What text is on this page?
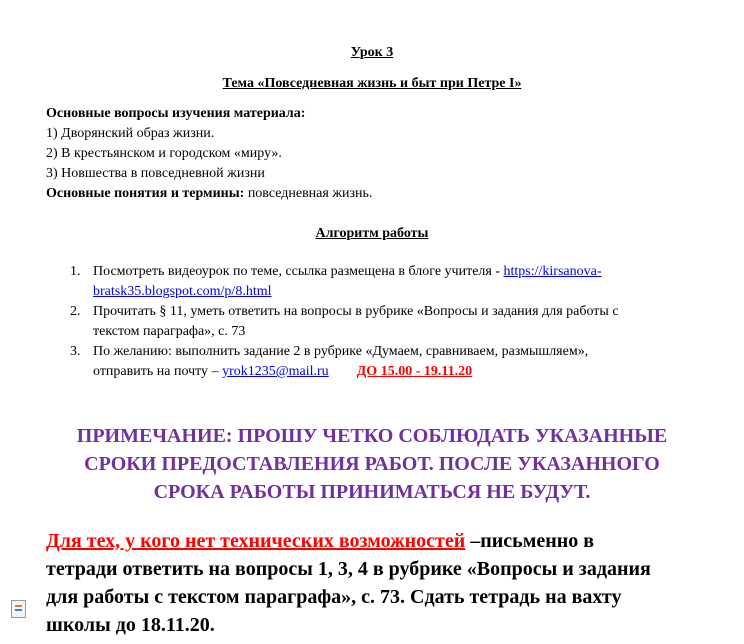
Урок 3
Тема «Повседневная жизнь и быт при Петре I»
Основные вопросы изучения материала:
1) Дворянский образ жизни.
2) В крестьянском и городском «миру».
3) Новшества в повседневной жизни
Основные понятия и термины: повседневная жизнь.
Алгоритм работы
1. Посмотреть видеоурок по теме, ссылка размещена в блоге учителя - https://kirsanova-
bratsk35.blogspot.com/p/8.html
2. Прочитать § 11, уметь ответить на вопросы в рубрике «Вопросы и задания для работы с
текстом параграфа», с. 73
3. По желанию: выполнить задание 2 в рубрике «Думаем, сравниваем, размышляем»,
отправить на почту – yrok1235@mail.ru ДО 15.00 - 19.11.20
ПРИМЕЧАНИЕ: ПРОШУ ЧЕТКО СОБЛЮДАТЬ УКАЗАННЫЕ
СРОКИ ПРЕДОСТАВЛЕНИЯ РАБОТ. ПОСЛЕ УКАЗАННОГО
СРОКА РАБОТЫ ПРИНИМАТЬСЯ НЕ БУДУТ.
Для тех, у кого нет технических возможностей –письменно в
тетради ответить на вопросы 1, 3, 4 в рубрике «Вопросы и задания
для работы с текстом параграфа», с. 73. Сдать тетрадь на вахту
школы до 18.11.20.
